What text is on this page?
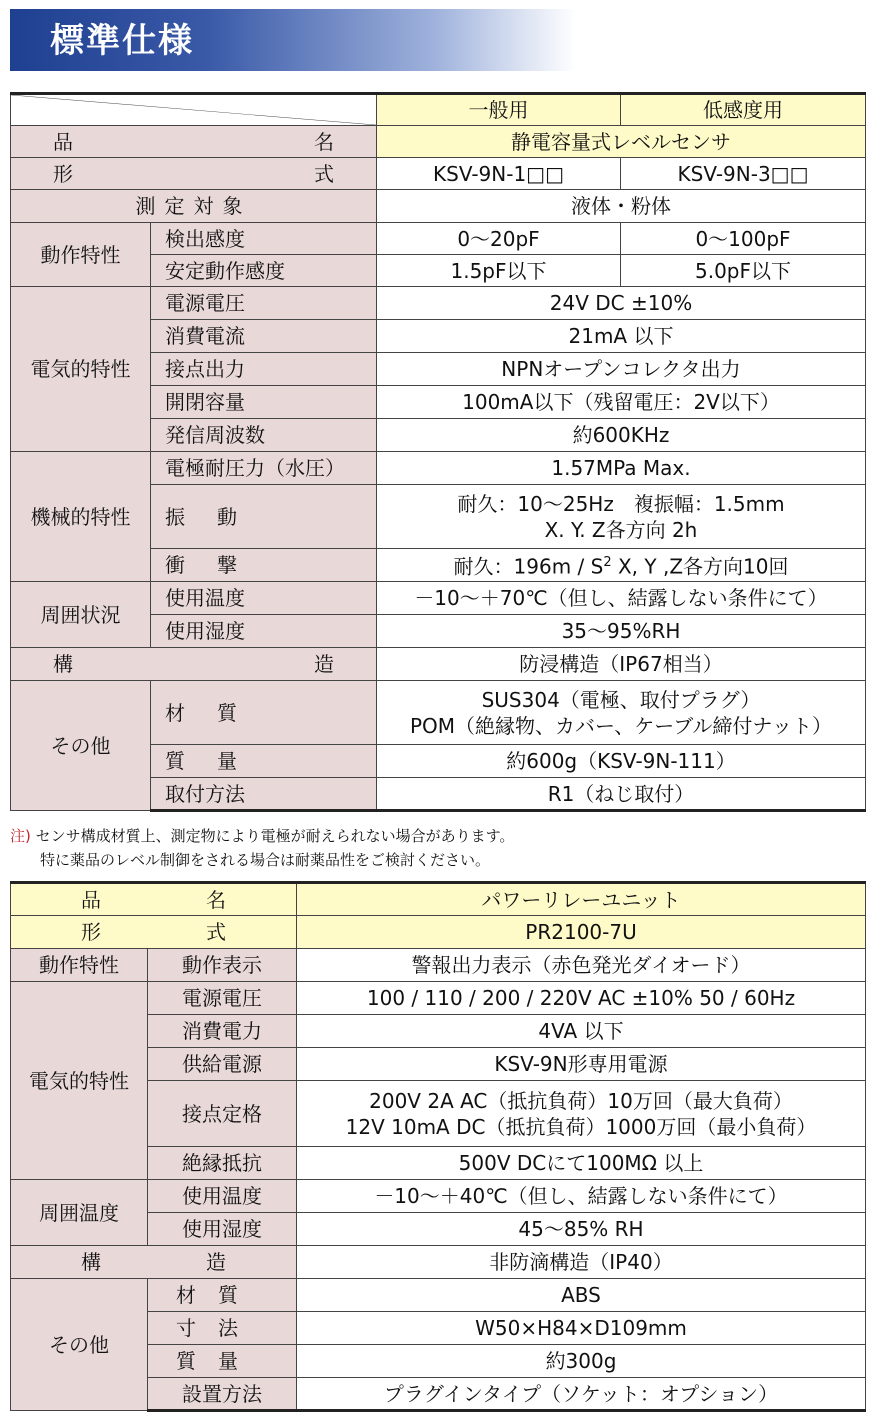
標準仕様
	一般用	低感度用

品 名		静電容量式レベルセンサ	

形 式		KSV-9N-1□□	KSV-9N-3□□
測定対象		液体・粉体	
動作特性	検出感度	0～20pF	0～100pF
	安定動作感度	1.5pF以下	5.0pF以下
電気的特性	電源電圧	24V DC ±10%	
	消費電流	21mA 以下	
	接点出力	NPNオープンコレクタ出力	
	開閉容量	100mA以下（残留電圧：2V以下）	
	発信周波数	約600KHz	
機械的特性	電極耐圧力（水圧）	1.57MPa Max.	
	振動	耐久：10～25Hz　複振幅：1.5mm
X. Y. Z各方向 2h	

	衝撃	耐久：$196m / S^2$ X, Y ,Z各方向10回	
周囲状況	使用温度	－10～＋70℃（但し、結露しない条件にて）	
	使用湿度	35～95%RH	

構 造		防浸構造（IP67相当）	
その他	材質	SUS304（電極、取付プラグ）
POM（絶縁物、カバー、ケーブル締付ナット）	

	質量	約600g（KSV-9N-111）	
	取付方法	R1（ねじ取付）	
注) センサ構成材質上、測定物により電極が耐えられない場合があります。
特に薬品のレベル制御をされる場合は耐薬品性をご検討ください。
品 名		パワーリレーユニット

形 式		PR2100-7U
動作特性	動作表示	警報出力表示（赤色発光ダイオード）
電気的特性	電源電圧	100 / 110 / 200 / 220V AC ±10% 50 / 60Hz
	消費電力	4VA 以下
	供給電源	KSV-9N形専用電源
	接点定格	200V 2A AC（抵抗負荷）10万回（最大負荷）
12V 10mA DC（抵抗負荷）1000万回（最小負荷）

	絶縁抵抗	500V DCにて100MΩ 以上
周囲温度	使用温度	－10～＋40℃（但し、結露しない条件にて）
	使用湿度	45～85% RH

構 造		非防滴構造（IP40）
その他	材質	ABS
	寸法	W50×H84×D109mm
	質量	約300g
	設置方法	プラグインタイプ（ソケット：オプション）
